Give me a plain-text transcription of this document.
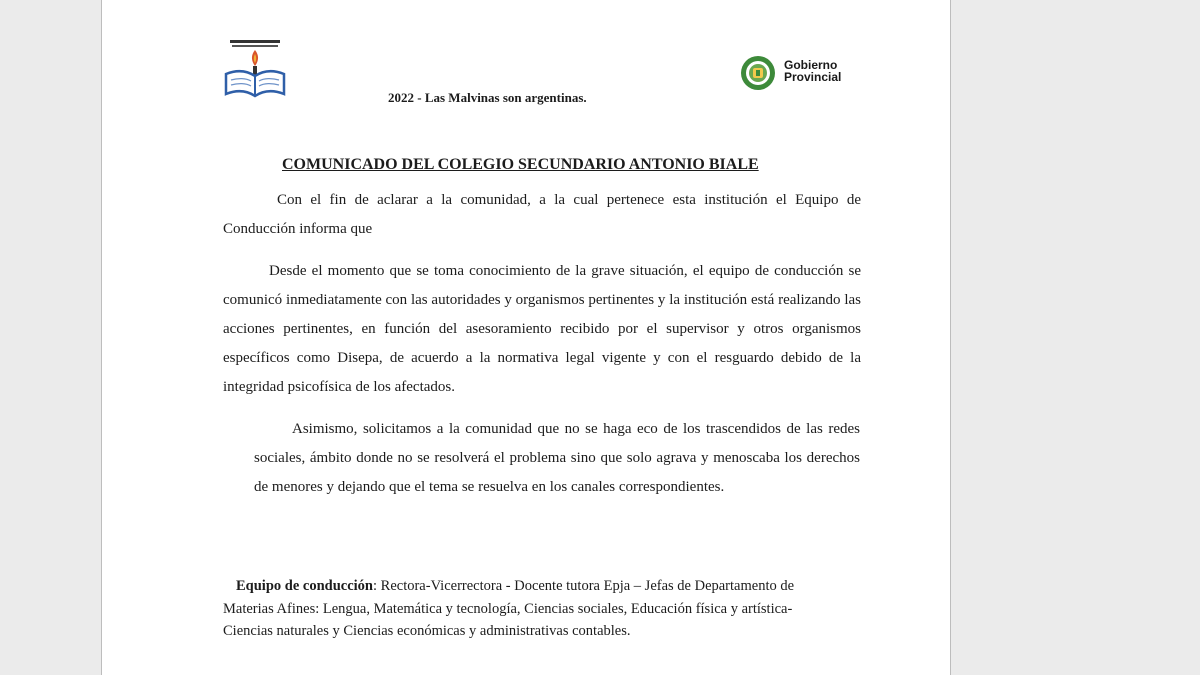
Gobierno
Provincial
2022 - Las Malvinas son argentinas.
COMUNICADO DEL COLEGIO SECUNDARIO ANTONIO BIALE

Con el fin de aclarar a la comunidad, a la cual pertenece esta institución el Equipo de Conducción informa que

Desde el momento que se toma conocimiento de la grave situación, el equipo de conducción se comunicó inmediatamente con las autoridades y organismos pertinentes y la institución está realizando las acciones pertinentes, en función del asesoramiento recibido por el supervisor y otros organismos específicos como Disepa, de acuerdo a la normativa legal vigente y con el resguardo debido de la integridad psicofísica de los afectados.

Asimismo, solicitamos a la comunidad que no se haga eco de los trascendidos de las redes sociales, ámbito donde no se resolverá el problema sino que solo agrava y menoscaba los derechos de menores y dejando que el tema se resuelva en los canales correspondientes.

Equipo de conducción: Rectora-Vicerrectora - Docente tutora Epja – Jefas de Departamento de Materias Afines: Lengua, Matemática y tecnología, Ciencias sociales, Educación física y artística- Ciencias naturales y Ciencias económicas y administrativas contables.
